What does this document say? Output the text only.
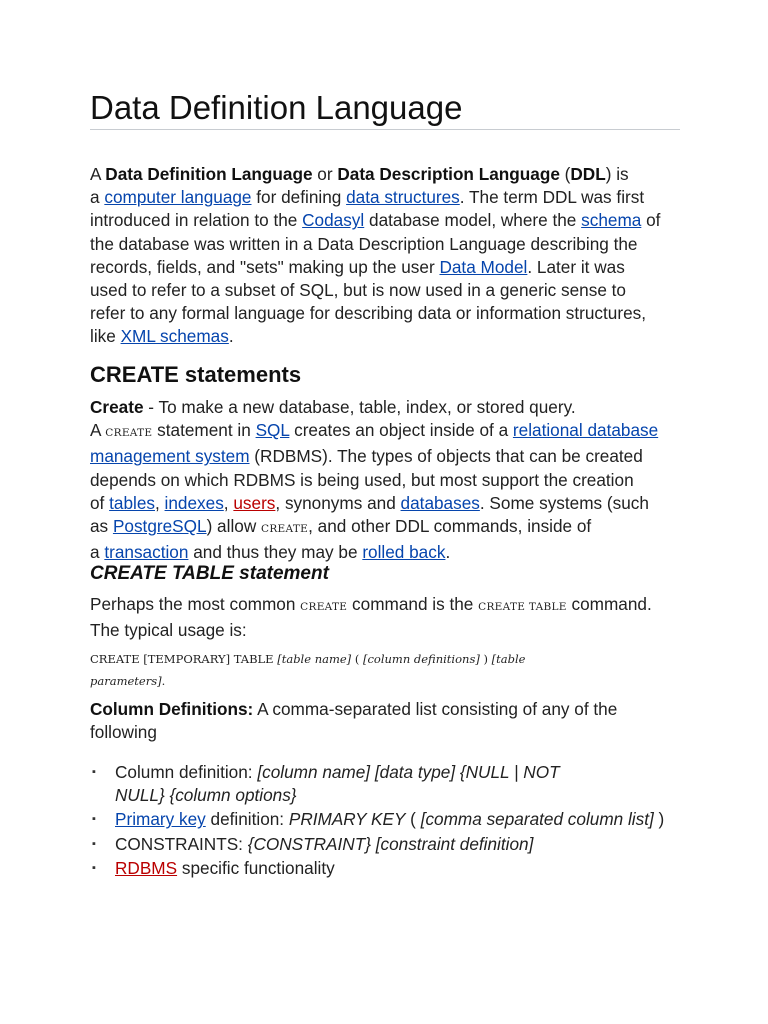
Data Definition Language
A Data Definition Language or Data Description Language (DDL) is
a computer language for defining data structures. The term DDL was first
introduced in relation to the Codasyl database model, where the schema of
the database was written in a Data Description Language describing the
records, fields, and "sets" making up the user Data Model. Later it was
used to refer to a subset of SQL, but is now used in a generic sense to
refer to any formal language for describing data or information structures,
like XML schemas.
CREATE statements
Create - To make a new database, table, index, or stored query.
A CREATE statement in SQL creates an object inside of a relational database
management system (RDBMS). The types of objects that can be created
depends on which RDBMS is being used, but most support the creation
of tables, indexes, users, synonyms and databases. Some systems (such
as PostgreSQL) allow CREATE, and other DDL commands, inside of
a transaction and thus they may be rolled back.
CREATE TABLE statement
Perhaps the most common CREATE command is the CREATE TABLE command.
The typical usage is:
CREATE [TEMPORARY] TABLE [table name] ( [column definitions] ) [table
parameters].
Column Definitions: A comma-separated list consisting of any of the
following
▪ Column definition: [column name] [data type] {NULL | NOT
NULL} {column options}
▪ Primary key definition: PRIMARY KEY ( [comma separated column list] )
▪ CONSTRAINTS: {CONSTRAINT} [constraint definition]
▪ RDBMS specific functionality
